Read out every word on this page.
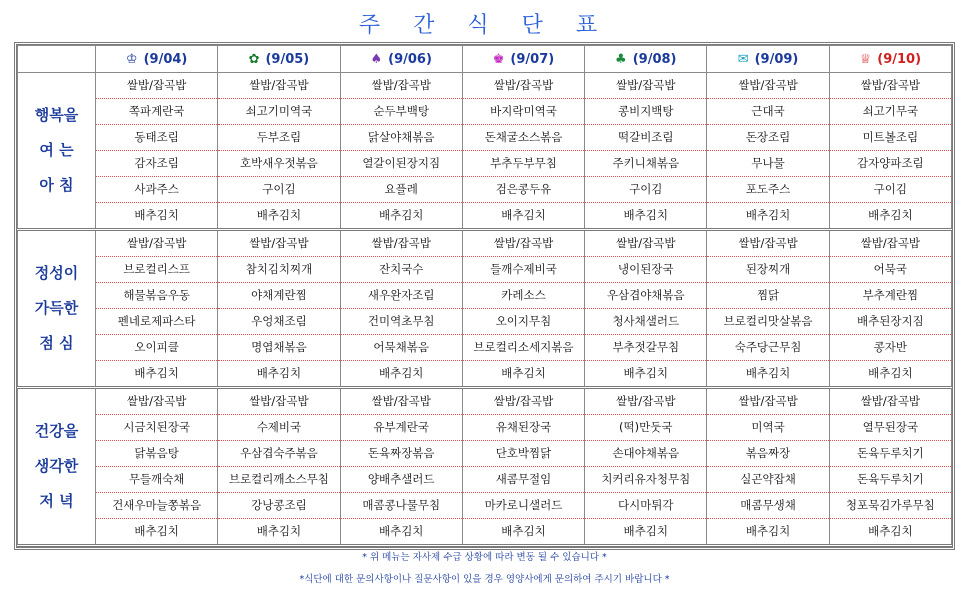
주 간 식 단 표
	♔ (9/04)	✿ (9/05)	♠ (9/06)	♚ (9/07)	♣ (9/08)	✉ (9/09)	♕ (9/10)

행복을
여 는
아 침	쌀밥/잡곡밥	쌀밥/잡곡밥	쌀밥/잡곡밥	쌀밥/잡곡밥	쌀밥/잡곡밥	쌀밥/잡곡밥	쌀밥/잡곡밥
	쪽파계란국	쇠고기미역국	순두부백탕	바지락미역국	콩비지백탕	근대국	쇠고기무국
	동태조림	두부조림	닭살야채볶음	돈채굴소스볶음	떡갈비조림	돈장조림	미트볼조림
	감자조림	호박새우젓볶음	열갈이된장지짐	부추두부무침	주키니채볶음	무나물	감자양파조림
	사과주스	구이김	요플레	검은콩두유	구이김	포도주스	구이김
	배추김치	배추김치	배추김치	배추김치	배추김치	배추김치	배추김치

정성이
가득한
점 심	쌀밥/잡곡밥	쌀밥/잡곡밥	쌀밥/잡곡밥	쌀밥/잡곡밥	쌀밥/잡곡밥	쌀밥/잡곡밥	쌀밥/잡곡밥
	브로컬리스프	참치김치찌개	잔치국수	들깨수제비국	냉이된장국	된장찌개	어묵국
	해물볶음우동	야채계란찜	새우완자조림	카레소스	우삼겹야채볶음	찜닭	부추계란찜
	펜네로제파스타	우엉채조림	건미역초무침	오이지무침	청사채샐러드	브로컬리맛살볶음	배추된장지짐
	오이피클	명엽채볶음	어묵채볶음	브로컬리소세지볶음	부추젓갈무침	숙주당근무침	콩자반
	배추김치	배추김치	배추김치	배추김치	배추김치	배추김치	배추김치

건강을
생각한
저 녁	쌀밥/잡곡밥	쌀밥/잡곡밥	쌀밥/잡곡밥	쌀밥/잡곡밥	쌀밥/잡곡밥	쌀밥/잡곡밥	쌀밥/잡곡밥
	시금치된장국	수제비국	유부계란국	유채된장국	(떡)만둣국	미역국	열무된장국
	닭볶음탕	우삼겹숙주볶음	돈육짜장볶음	단호박찜닭	손대야채볶음	볶음짜장	돈육두루치기
	무들깨숙채	브로컬리깨소스무침	양배추샐러드	새콤무절임	치커리유자청무침	실곤약잡채	돈육두루치기
	건새우마늘쫑볶음	강낭콩조림	매콤콩나물무침	마카로니샐러드	다시마튀각	매콤무생채	청포묵김가루무침
	배추김치	배추김치	배추김치	배추김치	배추김치	배추김치	배추김치
* 위 메뉴는 자사제 수급 상황에 따라 변동 될 수 있습니다 *
*식단에 대한 문의사항이나 질문사항이 있을 경우 영양사에게 문의하여 주시기 바랍니다 *
